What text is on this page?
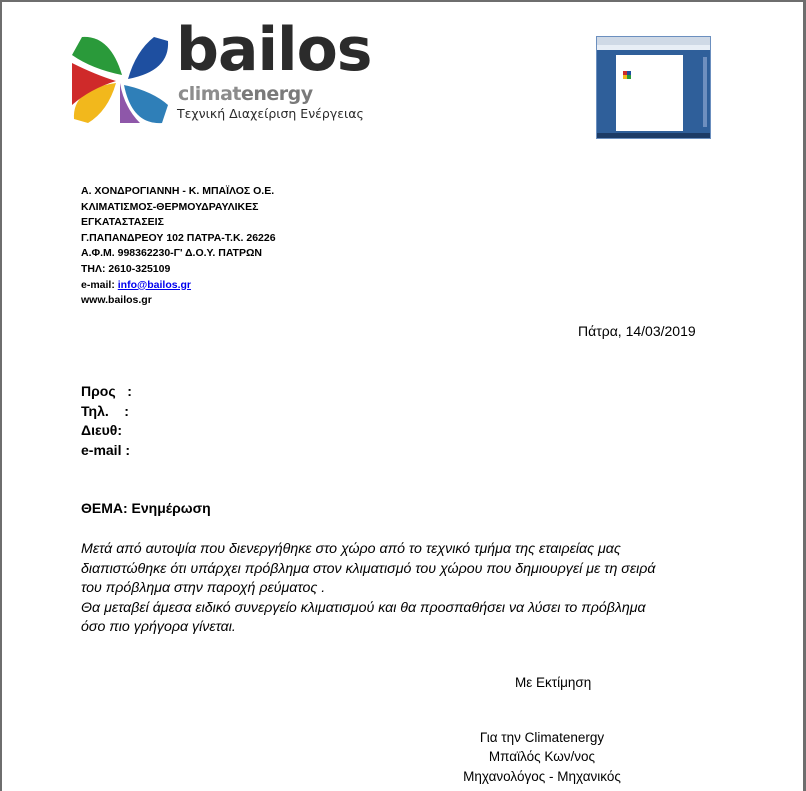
bailos
climatenergy
Τεχνική Διαχείριση Ενέργειας
Α. ΧΟΝΔΡΟΓΙΑΝΝΗ - Κ. ΜΠΑΪΛΟΣ Ο.Ε.
ΚΛΙΜΑΤΙΣΜΟΣ-ΘΕΡΜΟΥΔΡΑΥΛΙΚΕΣ
ΕΓΚΑΤΑΣΤΑΣΕΙΣ
Γ.ΠΑΠΑΝΔΡΕΟΥ 102 ΠΑΤΡΑ-Τ.Κ. 26226
Α.Φ.Μ. 998362230-Γ' Δ.Ο.Υ. ΠΑΤΡΩΝ
ΤΗΛ: 2610-325109
e-mail: info@bailos.gr
www.bailos.gr
Πάτρα, 14/03/2019
Προς   :
Τηλ.    :
Διευθ:
e-mail :
ΘΕΜΑ: Ενημέρωση
Μετά από αυτοψία που διενεργήθηκε στο χώρο από το τεχνικό τμήμα της εταιρείας μας
διαπιστώθηκε ότι υπάρχει πρόβλημα στον κλιματισμό του χώρου που δημιουργεί με τη σειρά
του πρόβλημα στην παροχή ρεύματος .
Θα μεταβεί άμεσα ειδικό συνεργείο κλιματισμού και θα προσπαθήσει να λύσει το πρόβλημα
όσο πιο γρήγορα γίνεται.
Με Εκτίμηση
Για την Climatenergy
Μπαϊλός Κων/νος
Μηχανολόγος - Μηχανικός
